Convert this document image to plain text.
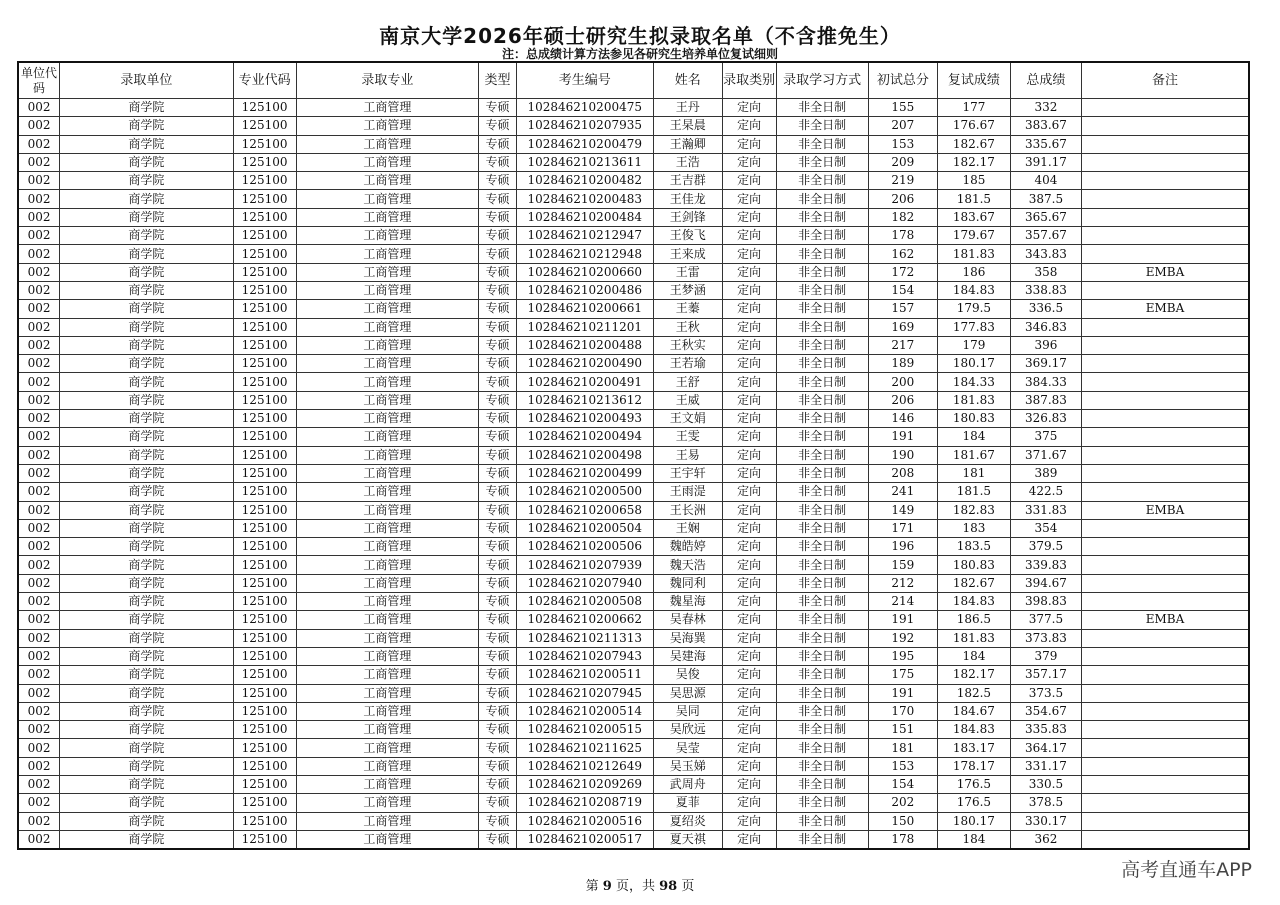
南京大学2026年硕士研究生拟录取名单（不含推免生）
注：总成绩计算方法参见各研究生培养单位复试细则
单位代码	录取单位	专业代码	录取专业	类型	考生编号	姓名	录取类别	录取学习方式	初试总分	复试成绩	总成绩	备注
002	商学院	125100	工商管理	专硕	102846210200475	王丹	定向	非全日制	155	177	332	
002	商学院	125100	工商管理	专硕	102846210207935	王杲晨	定向	非全日制	207	176.67	383.67	
002	商学院	125100	工商管理	专硕	102846210200479	王瀚卿	定向	非全日制	153	182.67	335.67	
002	商学院	125100	工商管理	专硕	102846210213611	王浩	定向	非全日制	209	182.17	391.17	
002	商学院	125100	工商管理	专硕	102846210200482	王吉群	定向	非全日制	219	185	404	
002	商学院	125100	工商管理	专硕	102846210200483	王佳龙	定向	非全日制	206	181.5	387.5	
002	商学院	125100	工商管理	专硕	102846210200484	王剑锋	定向	非全日制	182	183.67	365.67	
002	商学院	125100	工商管理	专硕	102846210212947	王俊飞	定向	非全日制	178	179.67	357.67	
002	商学院	125100	工商管理	专硕	102846210212948	王来成	定向	非全日制	162	181.83	343.83	
002	商学院	125100	工商管理	专硕	102846210200660	王雷	定向	非全日制	172	186	358	EMBA
002	商学院	125100	工商管理	专硕	102846210200486	王梦涵	定向	非全日制	154	184.83	338.83	
002	商学院	125100	工商管理	专硕	102846210200661	王蓁	定向	非全日制	157	179.5	336.5	EMBA
002	商学院	125100	工商管理	专硕	102846210211201	王秋	定向	非全日制	169	177.83	346.83	
002	商学院	125100	工商管理	专硕	102846210200488	王秋实	定向	非全日制	217	179	396	
002	商学院	125100	工商管理	专硕	102846210200490	王若瑜	定向	非全日制	189	180.17	369.17	
002	商学院	125100	工商管理	专硕	102846210200491	王舒	定向	非全日制	200	184.33	384.33	
002	商学院	125100	工商管理	专硕	102846210213612	王威	定向	非全日制	206	181.83	387.83	
002	商学院	125100	工商管理	专硕	102846210200493	王文娟	定向	非全日制	146	180.83	326.83	
002	商学院	125100	工商管理	专硕	102846210200494	王雯	定向	非全日制	191	184	375	
002	商学院	125100	工商管理	专硕	102846210200498	王易	定向	非全日制	190	181.67	371.67	
002	商学院	125100	工商管理	专硕	102846210200499	王宇轩	定向	非全日制	208	181	389	
002	商学院	125100	工商管理	专硕	102846210200500	王雨湜	定向	非全日制	241	181.5	422.5	
002	商学院	125100	工商管理	专硕	102846210200658	王长洲	定向	非全日制	149	182.83	331.83	EMBA
002	商学院	125100	工商管理	专硕	102846210200504	王娴	定向	非全日制	171	183	354	
002	商学院	125100	工商管理	专硕	102846210200506	魏皓婷	定向	非全日制	196	183.5	379.5	
002	商学院	125100	工商管理	专硕	102846210207939	魏天浩	定向	非全日制	159	180.83	339.83	
002	商学院	125100	工商管理	专硕	102846210207940	魏同利	定向	非全日制	212	182.67	394.67	
002	商学院	125100	工商管理	专硕	102846210200508	魏星海	定向	非全日制	214	184.83	398.83	
002	商学院	125100	工商管理	专硕	102846210200662	吴春林	定向	非全日制	191	186.5	377.5	EMBA
002	商学院	125100	工商管理	专硕	102846210211313	吴海巽	定向	非全日制	192	181.83	373.83	
002	商学院	125100	工商管理	专硕	102846210207943	吴建海	定向	非全日制	195	184	379	
002	商学院	125100	工商管理	专硕	102846210200511	吴俊	定向	非全日制	175	182.17	357.17	
002	商学院	125100	工商管理	专硕	102846210207945	吴思源	定向	非全日制	191	182.5	373.5	
002	商学院	125100	工商管理	专硕	102846210200514	吴同	定向	非全日制	170	184.67	354.67	
002	商学院	125100	工商管理	专硕	102846210200515	吴欣远	定向	非全日制	151	184.83	335.83	
002	商学院	125100	工商管理	专硕	102846210211625	吴莹	定向	非全日制	181	183.17	364.17	
002	商学院	125100	工商管理	专硕	102846210212649	吴玉娣	定向	非全日制	153	178.17	331.17	
002	商学院	125100	工商管理	专硕	102846210209269	武周舟	定向	非全日制	154	176.5	330.5	
002	商学院	125100	工商管理	专硕	102846210208719	夏菲	定向	非全日制	202	176.5	378.5	
002	商学院	125100	工商管理	专硕	102846210200516	夏绍炎	定向	非全日制	150	180.17	330.17	
002	商学院	125100	工商管理	专硕	102846210200517	夏天祺	定向	非全日制	178	184	362	
第 9 页，共 98 页
高考直通车APP
